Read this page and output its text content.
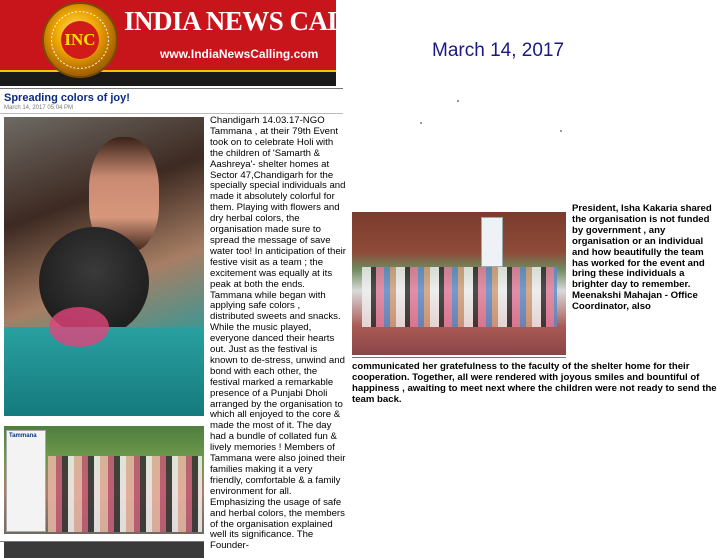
INC
INDIA NEWS CALLING
www.IndiaNewsCalling.com	March 14, 2017
Spreading colors of joy!
March 14, 2017 05:04 PM
Tammana
Chandigarh 14.03.17-NGO Tammana , at their 79th Event took on to celebrate Holi with the children of 'Samarth & Aashreya'- shelter homes at Sector 47,Chandigarh for the specially special individuals and made it absolutely colorful for them. Playing with flowers and dry herbal colors, the organisation made sure to spread the message of save water too! In anticipation of their festive visit as a team ; the excitement was equally at its peak at both the ends. Tammana while began with applying safe colors , distributed sweets and snacks. While the music played, everyone danced their hearts out. Just as the festival is known to de-stress, unwind and bond with each other, the festival marked a remarkable presence of a Punjabi Dholi arranged by the organisation to which all enjoyed to the core & made the most of it. The day had a bundle of collated fun & lively memories ! Members of Tammana were also joined their families making it a very friendly, comfortable & a family environment for all. Emphasizing the usage of safe and herbal colors, the members of the organisation explained well its significance. The Founder-
President, Isha Kakaria shared the organisation is not funded by government , any organisation or an individual and how beautifully the team has worked for the event and bring these individuals a brighter day to remember. Meenakshi Mahajan - Office Coordinator, also
communicated her gratefulness to the faculty of the shelter home for their cooperation. Together, all were rendered with joyous smiles and bountiful of happiness , awaiting to meet next where the children were not ready to send the team back.
